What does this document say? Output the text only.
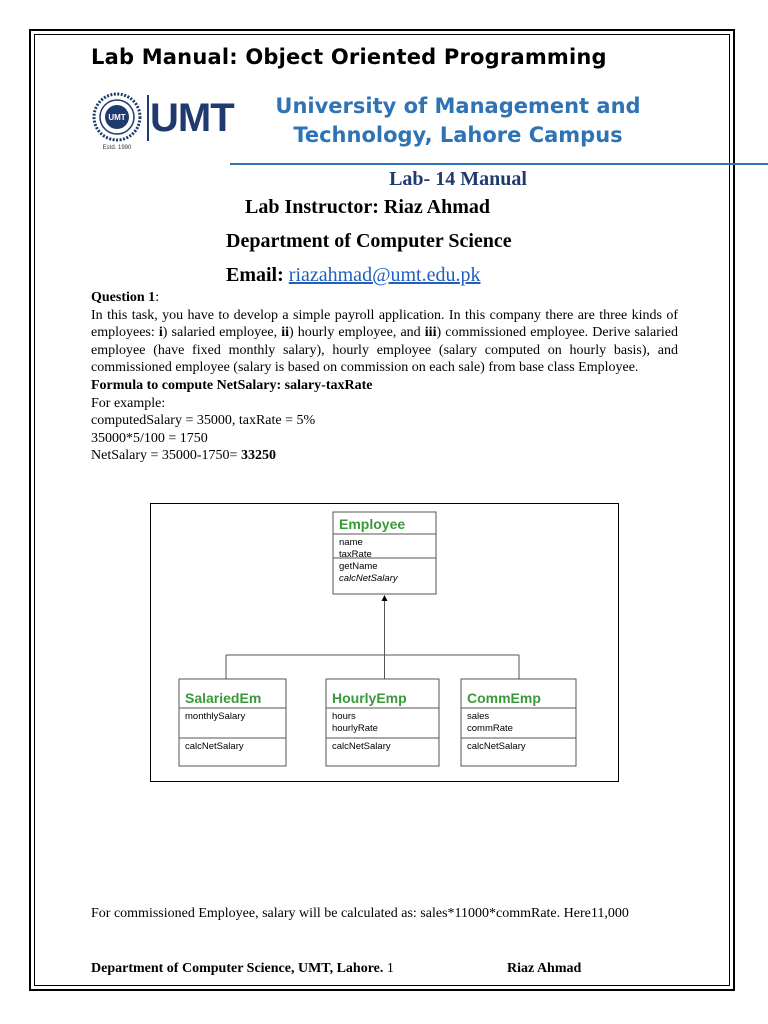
Lab Manual: Object Oriented Programming
UMT
Estd. 1990
UMT	University of Management and
Technology, Lahore Campus
Lab- 14 Manual
Lab Instructor: Riaz Ahmad
Department of Computer Science
Email: riazahmad@umt.edu.pk
Question 1:
In this task, you have to develop a simple payroll application. In this company there are three kinds of employees: i) salaried employee, ii) hourly employee, and iii) commissioned employee. Derive salaried employee (have fixed monthly salary), hourly employee (salary computed on hourly basis), and commissioned employee (salary is based on commission on each sale) from base class Employee.
Formula to compute NetSalary: salary-taxRate
For example:
computedSalary = 35000, taxRate = 5%
35000*5/100 = 1750
NetSalary = 35000-1750= 33250
Employee
name
taxRate
getName
calcNetSalary
SalariedEm
monthlySalary
calcNetSalary
HourlyEmp
hours
hourlyRate
calcNetSalary
CommEmp
sales
commRate
calcNetSalary
For commissioned Employee, salary will be calculated as: sales*11000*commRate. Here11,000
Department of Computer Science, UMT, Lahore. 1	Riaz Ahmad
